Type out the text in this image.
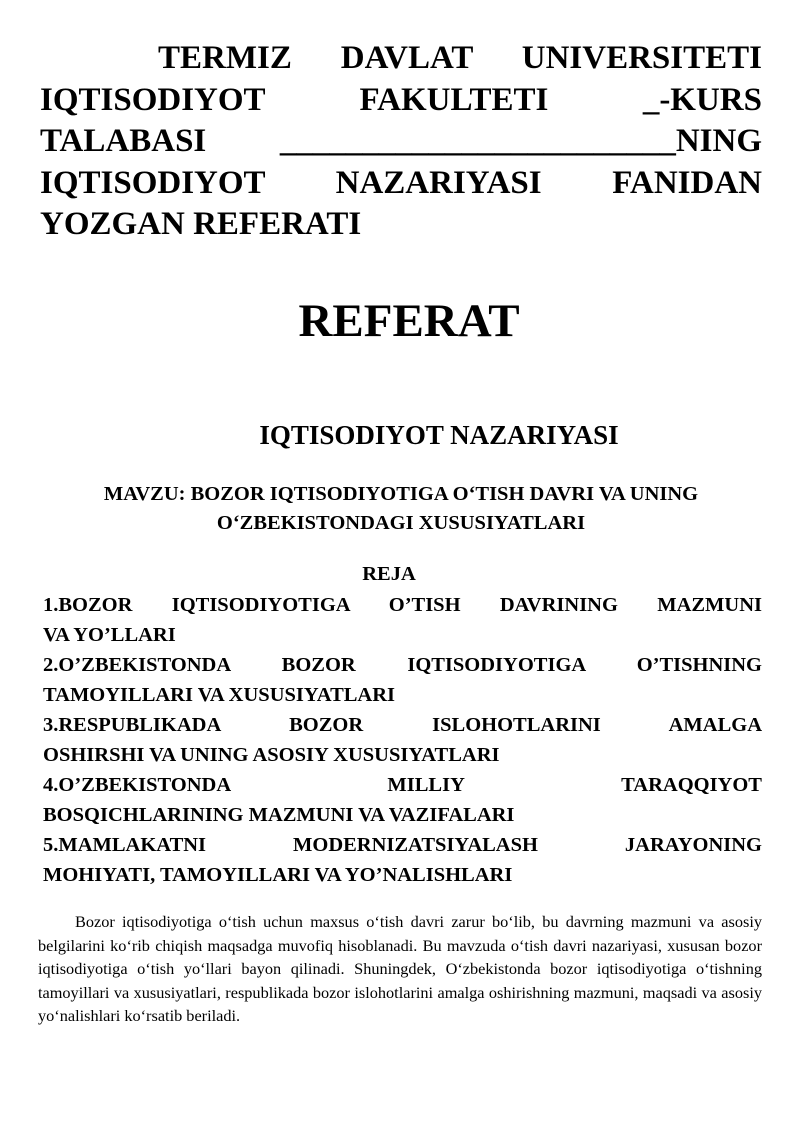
TERMIZ DAVLAT UNIVERSITETI
IQTISODIYOT FAKULTETI _-KURS
TALABASI ________________________NING
IQTISODIYOT NAZARIYASI FANIDAN
YOZGAN REFERATI
REFERAT
IQTISODIYOT NAZARIYASI
MAVZU: BOZOR IQTISODIYOTIGA O‘TISH DAVRI VA UNING
O‘ZBEKISTONDAGI XUSUSIYATLARI
REJA
1.BOZOR IQTISODIYOTIGA O’TISH DAVRINING MAZMUNI
VA YO’LLARI
2.O’ZBEKISTONDA BOZOR IQTISODIYOTIGA O’TISHNING
TAMOYILLARI VA XUSUSIYATLARI
3.RESPUBLIKADA BOZOR ISLOHOTLARINI AMALGA
OSHIRSHI VA UNING ASOSIY XUSUSIYATLARI
4.O’ZBEKISTONDA MILLIY TARAQQIYOT
BOSQICHLARINING MAZMUNI VA VAZIFALARI
5.MAMLAKATNI MODERNIZATSIYALASH JARAYONING
MOHIYATI, TAMOYILLARI VA YO’NALISHLARI
Bozor iqtisodiyotiga o‘tish uchun maxsus o‘tish davri zarur bo‘lib, bu davrning mazmuni va asosiy belgilarini ko‘rib chiqish maqsadga muvofiq hisoblanadi. Bu mavzuda o‘tish davri nazariyasi, xususan bozor iqtisodiyotiga o‘tish yo‘llari bayon qilinadi. Shuningdek, O‘zbekistonda bozor iqtisodiyotiga o‘tishning tamoyillari va xususiyatlari, respublikada bozor islohotlarini amalga oshirishning mazmuni, maqsadi va asosiy yo‘nalishlari ko‘rsatib beriladi.
